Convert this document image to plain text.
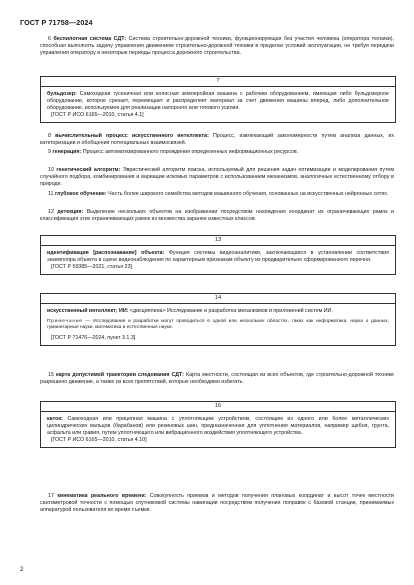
ГОСТ Р 71758—2024
6 беспилотная система СДТ: Система строительно-дорожной техники, функционирующая без участия человека (оператора техники), способная выполнять задачу управления движением строительно-дорожной техники в пределах условий эксплуатации, не требуя передачи управления оператору в некоторые периоды процесса дорожного строительства.
7

бульдозер: Самоходная гусеничная или колесная землеройная машина с рабочим оборудованием, имеющая либо бульдозерное оборудование, которое срезает, перемещает и распределяет материал за счет движения машины вперед, либо дополнительное оборудование, используемое для реализации напорного или тягового усилия.

[ГОСТ Р ИСО 6165—2010, статья 4.1]

8 вычислительный процесс искусственного интеллекта: Процесс, извлекающий закономерности путем анализа данных, их категоризации и обобщения потенциальных взаимосвязей.
9 генерация: Процесс автоматизированного порождения определенных информационных ресурсов.
10 генетический алгоритм: Эвристический алгоритм поиска, используемый для решения задач оптимизации и моделирования путем случайного подбора, комбинирования и вариации искомых параметров с использованием механизмов, аналогичных естественному отбору в природе.
11 глубокое обучение: Часть более широкого семейства методов машинного обучения, основанных на искусственных нейронных сетях.
12 детекция: Выделение нескольких объектов на изображении посредством нахождения координат их ограничивающих рамок и классификация этих ограничивающих рамок из множества заранее известных классов.
13

идентификация [распознавание] объекта: Функция системы видеоаналитики, заключающаяся в установлении соответствия экземпляра объекта в сцене видеонаблюдения по характерным признакам объекту из предварительно сформированного перечня.

[ГОСТ Р 59385—2021, статья 23]

14

искусственный интеллект; ИИ: <дисциплина> Исследование и разработка механизмов и приложений систем ИИ.

Примечание — Исследования и разработки могут проводиться в одной или нескольких областях, таких как информатика, наука о данных, гуманитарные науки, математика и естественные науки.

[ГОСТ Р 71476—2024, пункт 3.1.3]

15 карта допустимой траектории следования СДТ: Карта местности, состоящая из всех объектов, где строительно-дорожной технике разрешено движение, а также из всех препятствий, которых необходимо избегать.
16

каток: Самоходная или прицепная машина с уплотняющим устройством, состоящим из одного или более металлических цилиндрических вальцов (барабанов) или резиновых шин, предназначенная для уплотнения материалов, например щебня, грунта, асфальта или гравия, путем уплотняющего или вибрационного воздействия уплотняющего устройства.

[ГОСТ Р ИСО 6165—2010, статья 4.10]

17 кинематика реального времени: Совокупность приемов и методов получения плановых координат и высот точек местности сантиметровой точности с помощью спутниковой системы навигации посредством получения поправок с базовой станции, принимаемых аппаратурой пользователя во время съемки.
2
